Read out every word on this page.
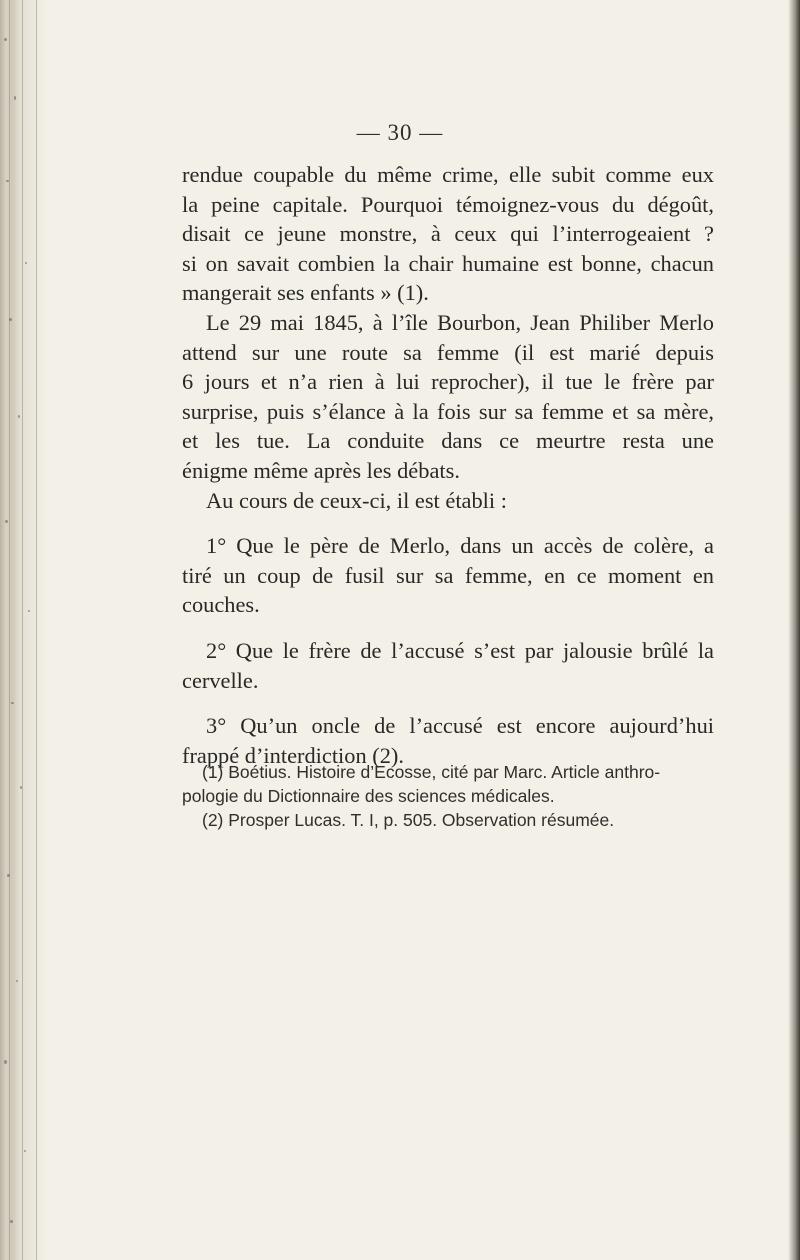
— 30 —
rendue coupable du même crime, elle subit comme eux
la peine capitale. Pourquoi témoignez-vous du dégoût,
disait ce jeune monstre, à ceux qui l’interrogeaient ?
si on savait combien la chair humaine est bonne, chacun
mangerait ses enfants » (1).
Le 29 mai 1845, à l’île Bourbon, Jean Philiber Merlo
attend sur une route sa femme (il est marié depuis
6 jours et n’a rien à lui reprocher), il tue le frère par
surprise, puis s’élance à la fois sur sa femme et sa mère,
et les tue. La conduite dans ce meurtre resta une
énigme même après les débats.
Au cours de ceux-ci, il est établi :
1° Que le père de Merlo, dans un accès de colère, a
tiré un coup de fusil sur sa femme, en ce moment en
couches.
2° Que le frère de l’accusé s’est par jalousie brûlé la
cervelle.
3° Qu’un oncle de l’accusé est encore aujourd’hui
frappé d’interdiction (2).
(1) Boétius. Histoire d’Ecosse, cité par Marc. Article anthro-
pologie du Dictionnaire des sciences médicales.
(2) Prosper Lucas. T. I, p. 505. Observation résumée.
